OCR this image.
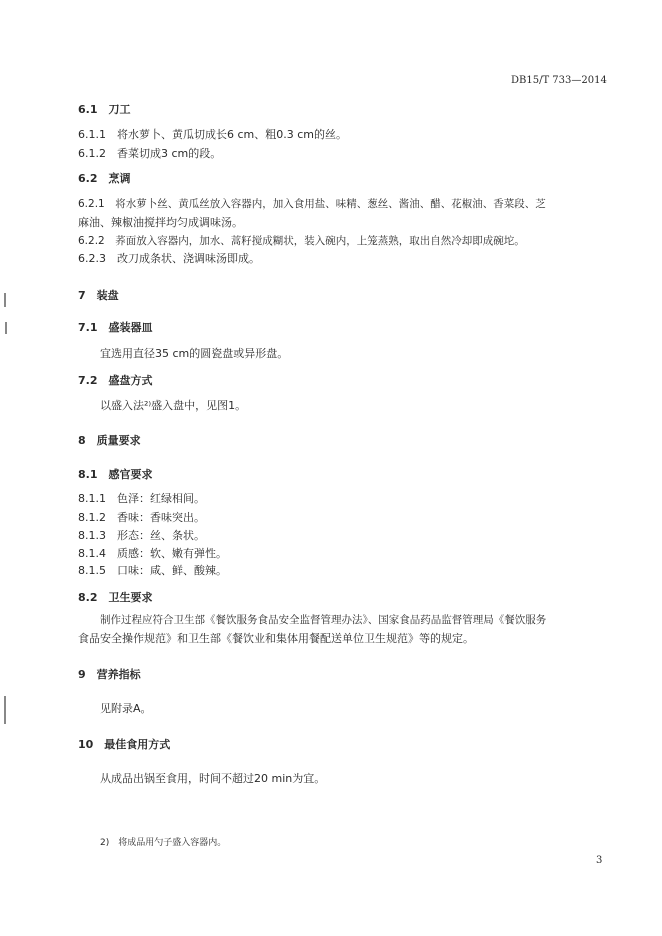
DB15/T 733—2014
6.1　刀工
6.1.1　将水萝卜、黄瓜切成长6 cm、粗0.3 cm的丝。
6.1.2　香菜切成3 cm的段。
6.2　烹调
6.2.1　将水萝卜丝、黄瓜丝放入容器内，加入食用盐、味精、葱丝、酱油、醋、花椒油、香菜段、芝
麻油、辣椒油搅拌均匀成调味汤。
6.2.2　荞面放入容器内，加水、蒿籽搅成糊状，装入碗内，上笼蒸熟，取出自然冷却即成碗坨。
6.2.3　改刀成条状、浇调味汤即成。
7　装盘
7.1　盛装器皿
宜选用直径35 cm的圆瓷盘或异形盘。
7.2　盛盘方式
以盛入法²⁾盛入盘中，见图1。
8　质量要求
8.1　感官要求
8.1.1　色泽：红绿相间。
8.1.2　香味：香味突出。
8.1.3　形态：丝、条状。
8.1.4　质感：软、嫩有弹性。
8.1.5　口味：咸、鲜、酸辣。
8.2　卫生要求
制作过程应符合卫生部《餐饮服务食品安全监督管理办法》、国家食品药品监督管理局《餐饮服务
食品安全操作规范》和卫生部《餐饮业和集体用餐配送单位卫生规范》等的规定。
9　营养指标
见附录A。
10　最佳食用方式
从成品出锅至食用，时间不超过20 min为宜。
2)　将成品用勺子盛入容器内。
3
